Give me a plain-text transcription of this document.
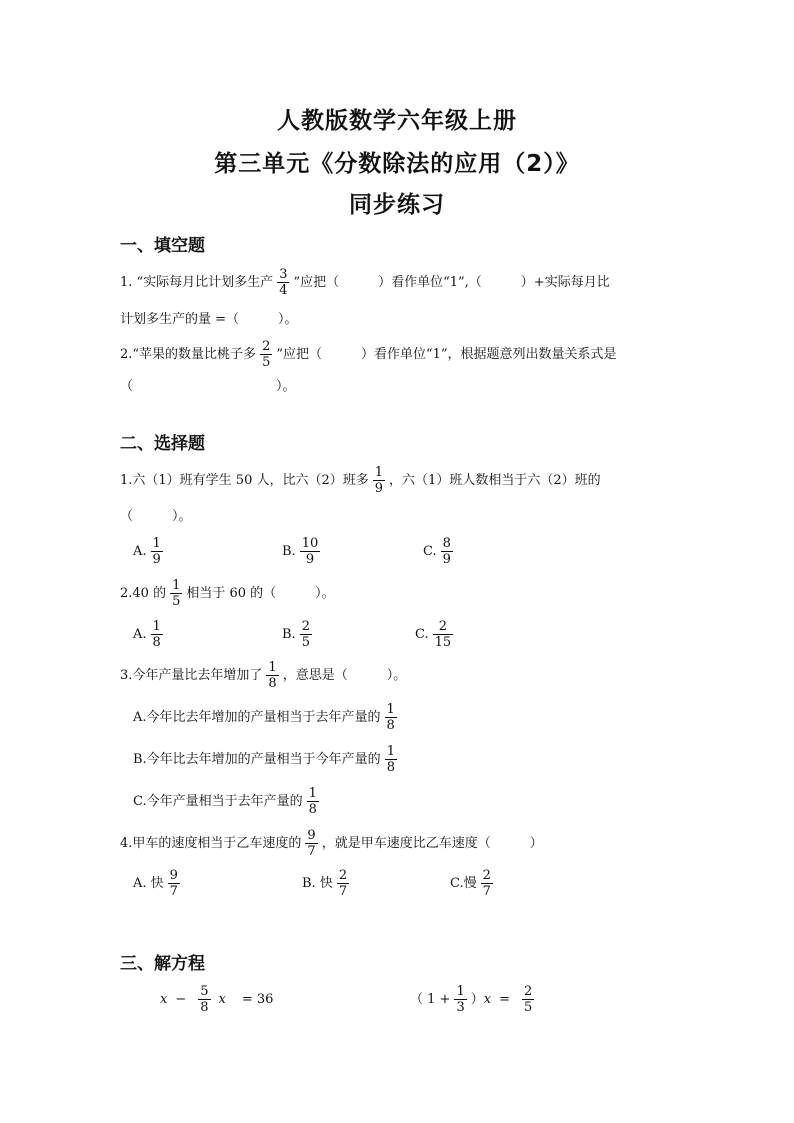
人教版数学六年级上册
第三单元《分数除法的应用（2）》
同步练习
一、填空题
1. “实际每月比计划多生产 $\frac{3}{4}$ ”应把（　　　）看作单位“1”,（　　　）+实际每月比
计划多生产的量 =（　　　）。
2.“苹果的数量比桃子多 $\frac{2}{5}$ ”应把（　　　）看作单位“1”，根据题意列出数量关系式是
（　　　　　　　　　　　）。
二、选择题
1.六（1）班有学生 50 人，比六（2）班多 $\frac{1}{9}$ ，六（1）班人数相当于六（2）班的
（　　　）。
A. $\frac{1}{9}$	B. $\frac{10}{9}$	C. $\frac{8}{9}$
2.40 的 $\frac{1}{5}$ 相当于 60 的（　　　）。
A. $\frac{1}{8}$	B. $\frac{2}{5}$	C. $\frac{2}{15}$
3.今年产量比去年增加了 $\frac{1}{8}$ ，意思是（　　　）。
A.今年比去年增加的产量相当于去年产量的 $\frac{1}{8}$
B.今年比去年增加的产量相当于今年产量的 $\frac{1}{8}$
C.今年产量相当于去年产量的 $\frac{1}{8}$
4.甲车的速度相当于乙车速度的 $\frac{9}{7}$ ，就是甲车速度比乙车速度（　　　）
A. 快 $\frac{9}{7}$	B. 快 $\frac{2}{7}$	C.慢 $\frac{2}{7}$
三、解方程
$x - \frac{5}{8}$ x = 36	（ $1 + \frac{1}{3}$ ） $x = \frac{2}{5}$
